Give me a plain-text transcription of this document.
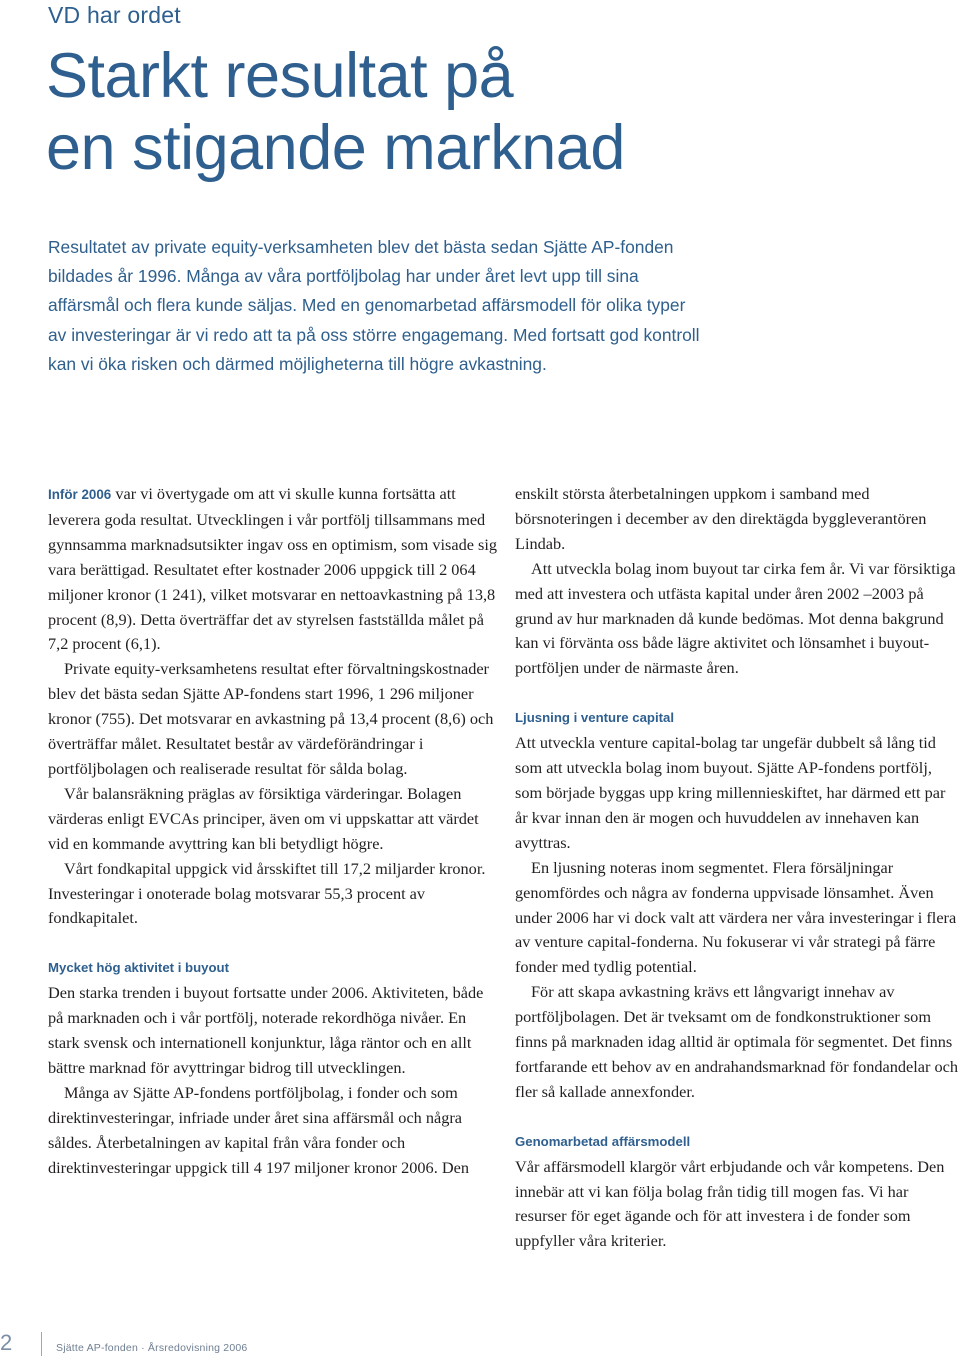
VD har ordet
Starkt resultat på
en stigande marknad

Resultatet av private equity-verksamheten blev det bästa sedan Sjätte AP-fonden bildades år 1996. Många av våra portföljbolag har under året levt upp till sina affärsmål och flera kunde säljas. Med en genomarbetad affärsmodell för olika typer av investeringar är vi redo att ta på oss större engagemang. Med fortsatt god kontroll kan vi öka risken och därmed möjligheterna till högre avkastning.

Inför 2006 var vi övertygade om att vi skulle kunna fortsätta att leverera goda resultat. Utvecklingen i vår portfölj tillsammans med gynnsamma marknadsutsikter ingav oss en optimism, som visade sig vara berättigad. Resultatet efter kostnader 2006 uppgick till 2 064 miljoner kronor (1 241), vilket motsvarar en nettoavkastning på 13,8 procent (8,9). Detta överträffar det av styrelsen fastställda målet på 7,2 procent (6,1).

Private equity-verksamhetens resultat efter förvaltningskostnader blev det bästa sedan Sjätte AP-fondens start 1996, 1 296 miljoner kronor (755). Det motsvarar en avkastning på 13,4 procent (8,6) och överträffar målet. Resultatet består av värdeförändringar i portföljbolagen och realiserade resultat för sålda bolag.

Vår balansräkning präglas av försiktiga värderingar. Bolagen värderas enligt EVCAs principer, även om vi uppskattar att värdet vid en kommande avyttring kan bli betydligt högre.

Vårt fondkapital uppgick vid årsskiftet till 17,2 miljarder kronor. Investeringar i onoterade bolag motsvarar 55,3 procent av fondkapitalet.

Mycket hög aktivitet i buyout

Den starka trenden i buyout fortsatte under 2006. Aktiviteten, både på marknaden och i vår portfölj, noterade rekordhöga nivåer. En stark svensk och internationell konjunktur, låga räntor och en allt bättre marknad för avyttringar bidrog till utvecklingen.

Många av Sjätte AP-fondens portföljbolag, i fonder och som direktinvesteringar, infriade under året sina affärsmål och några såldes. Återbetalningen av kapital från våra fonder och direktinvesteringar uppgick till 4 197 miljoner kronor 2006. Den

enskilt största återbetalningen uppkom i samband med börsnoteringen i december av den direktägda byggleverantören Lindab.

Att utveckla bolag inom buyout tar cirka fem år. Vi var försiktiga med att investera och utfästa kapital under åren 2002 –2003 på grund av hur marknaden då kunde bedömas. Mot denna bakgrund kan vi förvänta oss både lägre aktivitet och lönsamhet i buyout-portföljen under de närmaste åren.

Ljusning i venture capital

Att utveckla venture capital-bolag tar ungefär dubbelt så lång tid som att utveckla bolag inom buyout. Sjätte AP-fondens portfölj, som började byggas upp kring millennieskiftet, har därmed ett par år kvar innan den är mogen och huvuddelen av innehaven kan avyttras.

En ljusning noteras inom segmentet. Flera försäljningar genomfördes och några av fonderna uppvisade lönsamhet. Även under 2006 har vi dock valt att värdera ner våra investeringar i flera av venture capital-fonderna. Nu fokuserar vi vår strategi på färre fonder med tydlig potential.

För att skapa avkastning krävs ett långvarigt innehav av portföljbolagen. Det är tveksamt om de fondkonstruktioner som finns på marknaden idag alltid är optimala för segmentet. Det finns fortfarande ett behov av en andrahandsmarknad för fondandelar och fler så kallade annexfonder.

Genomarbetad affärsmodell

Vår affärsmodell klargör vårt erbjudande och vår kompetens. Den innebär att vi kan följa bolag från tidig till mogen fas. Vi har resurser för eget ägande och för att investera i de fonder som uppfyller våra kriterier.

2	Sjätte AP-fonden · Årsredovisning 2006
